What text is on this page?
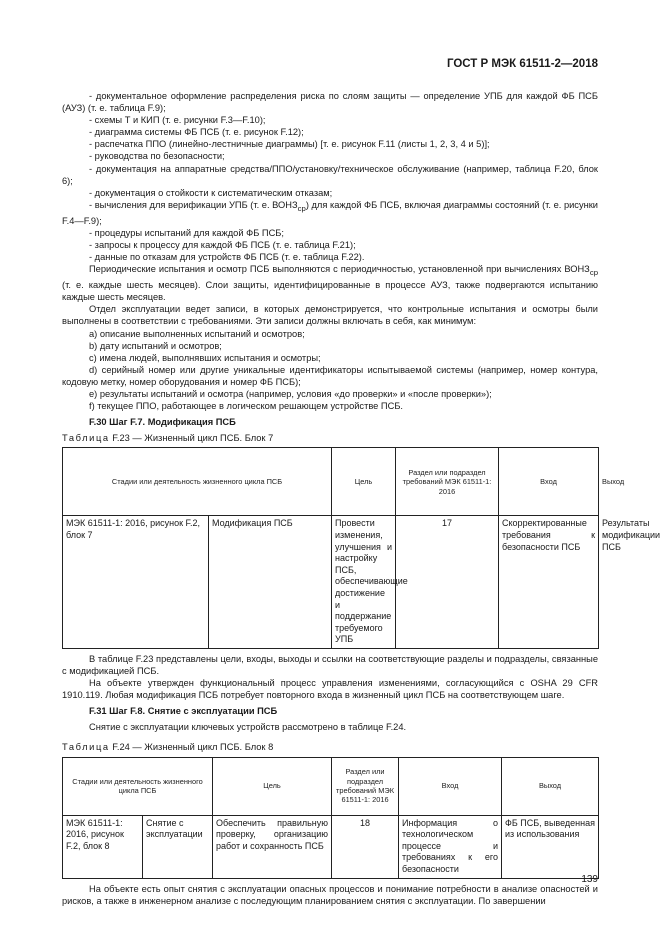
ГОСТ Р МЭК 61511-2—2018

- документальное оформление распределения риска по слоям защиты — определение УПБ для каждой ФБ ПСБ (АУЗ) (т. е. таблица F.9);

- схемы Т и КИП (т. е. рисунки F.3—F.10);

- диаграмма системы ФБ ПСБ (т. е. рисунок F.12);

- распечатка ППО (линейно-лестничные диаграммы) [т. е. рисунок F.11 (листы 1, 2, 3, 4 и 5)];

- руководства по безопасности;

- документация на аппаратные средства/ППО/установку/техническое обслуживание (например, таблица F.20, блок 6);

- документация о стойкости к систематическим отказам;

- вычисления для верификации УПБ (т. е. $ВОНЗ_{ср}$) для каждой ФБ ПСБ, включая диаграммы состояний (т. е. рисунки F.4—F.9);

- процедуры испытаний для каждой ФБ ПСБ;

- запросы к процессу для каждой ФБ ПСБ (т. е. таблица F.21);

- данные по отказам для устройств ФБ ПСБ (т. е. таблица F.22).

Периодические испытания и осмотр ПСБ выполняются с периодичностью, установленной при вычислениях $ВОНЗ_{ср}$ (т. е. каждые шесть месяцев). Слои защиты, идентифицированные в процессе АУЗ, также подвергаются испытанию каждые шесть месяцев.

Отдел эксплуатации ведет записи, в которых демонстрируется, что контрольные испытания и осмотры были выполнены в соответствии с требованиями. Эти записи должны включать в себя, как минимум:

a) описание выполненных испытаний и осмотров;

b) дату испытаний и осмотров;

c) имена людей, выполнявших испытания и осмотры;

d) серийный номер или другие уникальные идентификаторы испытываемой системы (например, номер контура, кодовую метку, номер оборудования и номер ФБ ПСБ);

e) результаты испытаний и осмотра (например, условия «до проверки» и «после проверки»);

f) текущее ППО, работающее в логическом решающем устройстве ПСБ.

F.30 Шаг F.7. Модификация ПСБ

Таблица F.23 — Жизненный цикл ПСБ. Блок 7

Стадии или деятельность жизненного цикла ПСБ		Цель	Раздел или подраздел требований МЭК 61511-1: 2016	Вход	Выход
МЭК 61511-1: 2016, рисунок F.2, блок 7	Модификация ПСБ	Провести изменения, улучшения и настройку ПСБ, обеспечивающие достижение и поддержание требуемого УПБ	17	Скорректированные требования к безопасности ПСБ	Результаты модификации ПСБ

В таблице F.23 представлены цели, входы, выходы и ссылки на соответствующие разделы и подразделы, связанные с модификацией ПСБ.

На объекте утвержден функциональный процесс управления изменениями, согласующийся с OSHA 29 CFR 1910.119. Любая модификация ПСБ потребует повторного входа в жизненный цикл ПСБ на соответствующем шаге.

F.31 Шаг F.8. Снятие с эксплуатации ПСБ

Снятие с эксплуатации ключевых устройств рассмотрено в таблице F.24.

Таблица F.24 — Жизненный цикл ПСБ. Блок 8

Стадии или деятельность жизненного цикла ПСБ		Цель	Раздел или подраздел требований МЭК 61511-1: 2016	Вход	Выход
МЭК 61511-1: 2016, рисунок F.2, блок 8	Снятие с эксплуатации	Обеспечить правильную проверку, организацию работ и сохранность ПСБ	18	Информация о технологическом процессе и требованиях к его безопасности	ФБ ПСБ, выведенная из использования

На объекте есть опыт снятия с эксплуатации опасных процессов и понимание потребности в анализе опасностей и рисков, а также в инженерном анализе с последующим планированием снятия с эксплуатации. По завершении

139
